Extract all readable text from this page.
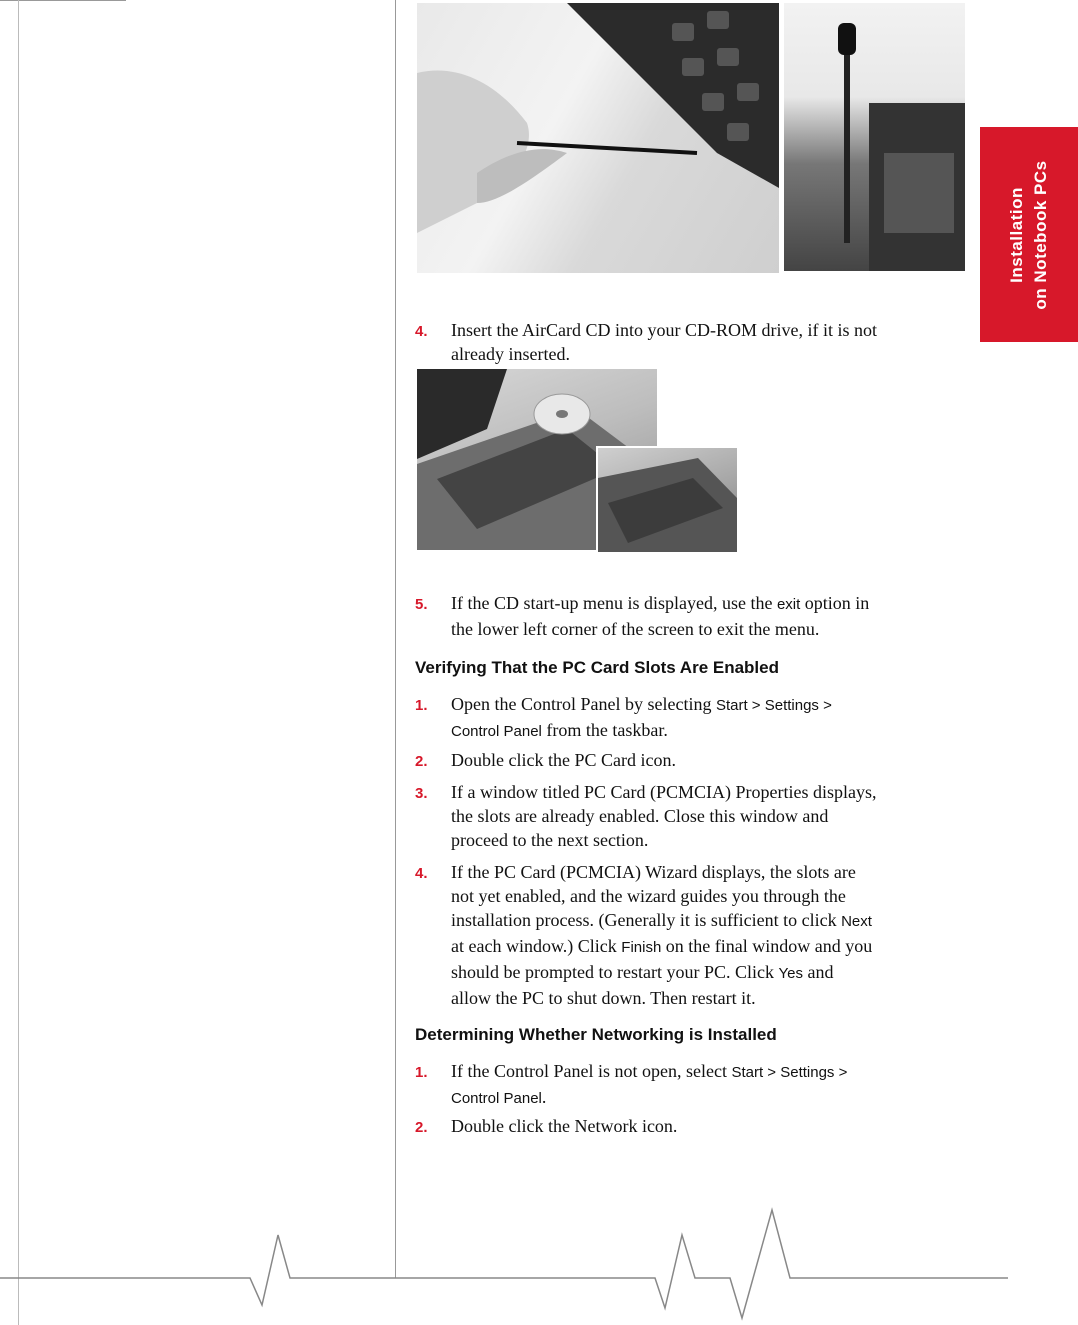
Installation on Notebook PCs
4.	Insert the AirCard CD into your CD-ROM drive, if it is not
already inserted.
5.	If the CD start-up menu is displayed, use the exit option in
the lower left corner of the screen to exit the menu.
Verifying That the PC Card Slots Are Enabled
1.	Open the Control Panel by selecting Start > Settings >
Control Panel from the taskbar.
2.	Double click the PC Card icon.
3.	If a window titled PC Card (PCMCIA) Properties displays,
the slots are already enabled. Close this window and
proceed to the next section.
4.	If the PC Card (PCMCIA) Wizard displays, the slots are
not yet enabled, and the wizard guides you through the
installation process. (Generally it is sufficient to click Next
at each window.) Click Finish on the final window and you
should be prompted to restart your PC. Click Yes and
allow the PC to shut down. Then restart it.
Determining Whether Networking is Installed
1.	If the Control Panel is not open, select Start > Settings >
Control Panel.
2.	Double click the Network icon.
